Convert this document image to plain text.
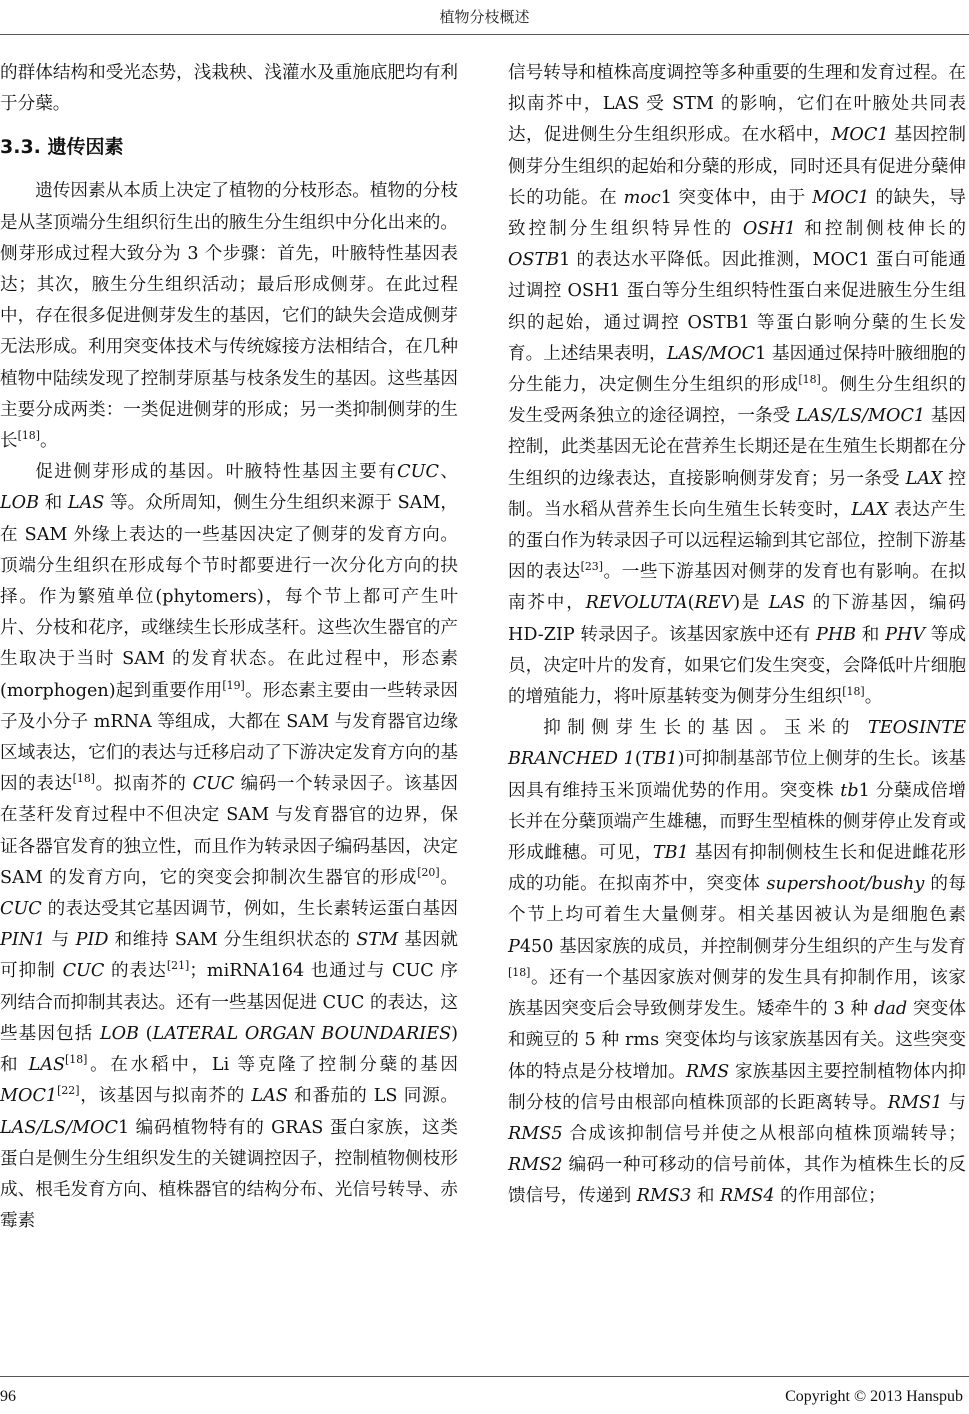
植物分枝概述

的群体结构和受光态势，浅栽秧、浅灌水及重施底肥均有利于分蘖。

3.3. 遗传因素

遗传因素从本质上决定了植物的分枝形态。植物的分枝是从茎顶端分生组织衍生出的腋生分生组织中分化出来的。侧芽形成过程大致分为 3 个步骤：首先，叶腋特性基因表达；其次，腋生分生组织活动；最后形成侧芽。在此过程中，存在很多促进侧芽发生的基因，它们的缺失会造成侧芽无法形成。利用突变体技术与传统嫁接方法相结合，在几种植物中陆续发现了控制芽原基与枝条发生的基因。这些基因主要分成两类：一类促进侧芽的形成；另一类抑制侧芽的生长[18]。

促进侧芽形成的基因。叶腋特性基因主要有CUC、LOB 和 LAS 等。众所周知，侧生分生组织来源于 SAM，在 SAM 外缘上表达的一些基因决定了侧芽的发育方向。顶端分生组织在形成每个节时都要进行一次分化方向的抉择。作为繁殖单位(phytomers)，每个节上都可产生叶片、分枝和花序，或继续生长形成茎秆。这些次生器官的产生取决于当时 SAM 的发育状态。在此过程中，形态素(morphogen)起到重要作用[19]。形态素主要由一些转录因子及小分子 mRNA 等组成，大都在 SAM 与发育器官边缘区域表达，它们的表达与迁移启动了下游决定发育方向的基因的表达[18]。拟南芥的 CUC 编码一个转录因子。该基因在茎秆发育过程中不但决定 SAM 与发育器官的边界，保证各器官发育的独立性，而且作为转录因子编码基因，决定 SAM 的发育方向，它的突变会抑制次生器官的形成[20]。CUC 的表达受其它基因调节，例如，生长素转运蛋白基因 PIN1 与 PID 和维持 SAM 分生组织状态的 STM 基因就可抑制 CUC 的表达[21]；miRNA164 也通过与 CUC 序列结合而抑制其表达。还有一些基因促进 CUC 的表达，这些基因包括 LOB (LATERAL ORGAN BOUNDARIES)和 LAS[18]。在水稻中，Li 等克隆了控制分蘖的基因 MOC1[22]，该基因与拟南芥的 LAS 和番茄的 LS 同源。LAS/LS/MOC1 编码植物特有的 GRAS 蛋白家族，这类蛋白是侧生分生组织发生的关键调控因子，控制植物侧枝形成、根毛发育方向、植株器官的结构分布、光信号转导、赤霉素

信号转导和植株高度调控等多种重要的生理和发育过程。在拟南芥中，LAS 受 STM 的影响，它们在叶腋处共同表达，促进侧生分生组织形成。在水稻中，MOC1 基因控制侧芽分生组织的起始和分蘖的形成，同时还具有促进分蘖伸长的功能。在 moc1 突变体中，由于 MOC1 的缺失，导致控制分生组织特异性的 OSH1 和控制侧枝伸长的 OSTB1 的表达水平降低。因此推测，MOC1 蛋白可能通过调控 OSH1 蛋白等分生组织特性蛋白来促进腋生分生组织的起始，通过调控 OSTB1 等蛋白影响分蘖的生长发育。上述结果表明，LAS/MOC1 基因通过保持叶腋细胞的分生能力，决定侧生分生组织的形成[18]。侧生分生组织的发生受两条独立的途径调控，一条受 LAS/LS/MOC1 基因控制，此类基因无论在营养生长期还是在生殖生长期都在分生组织的边缘表达，直接影响侧芽发育；另一条受 LAX 控制。当水稻从营养生长向生殖生长转变时，LAX 表达产生的蛋白作为转录因子可以远程运输到其它部位，控制下游基因的表达[23]。一些下游基因对侧芽的发育也有影响。在拟南芥中，REVOLUTA(REV)是 LAS 的下游基因，编码 HD-ZIP 转录因子。该基因家族中还有 PHB 和 PHV 等成员，决定叶片的发育，如果它们发生突变，会降低叶片细胞的增殖能力，将叶原基转变为侧芽分生组织[18]。

抑制侧芽生长的基因。玉米的 TEOSINTE BRANCHED 1(TB1)可抑制基部节位上侧芽的生长。该基因具有维持玉米顶端优势的作用。突变株 tb1 分蘖成倍增长并在分蘖顶端产生雄穗，而野生型植株的侧芽停止发育或形成雌穗。可见，TB1 基因有抑制侧枝生长和促进雌花形成的功能。在拟南芥中，突变体 supershoot/bushy 的每个节上均可着生大量侧芽。相关基因被认为是细胞色素 P450 基因家族的成员，并控制侧芽分生组织的产生与发育[18]。还有一个基因家族对侧芽的发生具有抑制作用，该家族基因突变后会导致侧芽发生。矮牵牛的 3 种 dad 突变体和豌豆的 5 种 rms 突变体均与该家族基因有关。这些突变体的特点是分枝增加。RMS 家族基因主要控制植物体内抑制分枝的信号由根部向植株顶部的长距离转导。RMS1 与 RMS5 合成该抑制信号并使之从根部向植株顶端转导；RMS2 编码一种可移动的信号前体，其作为植株生长的反馈信号，传递到 RMS3 和 RMS4 的作用部位；

96	Copyright © 2013 Hanspub
